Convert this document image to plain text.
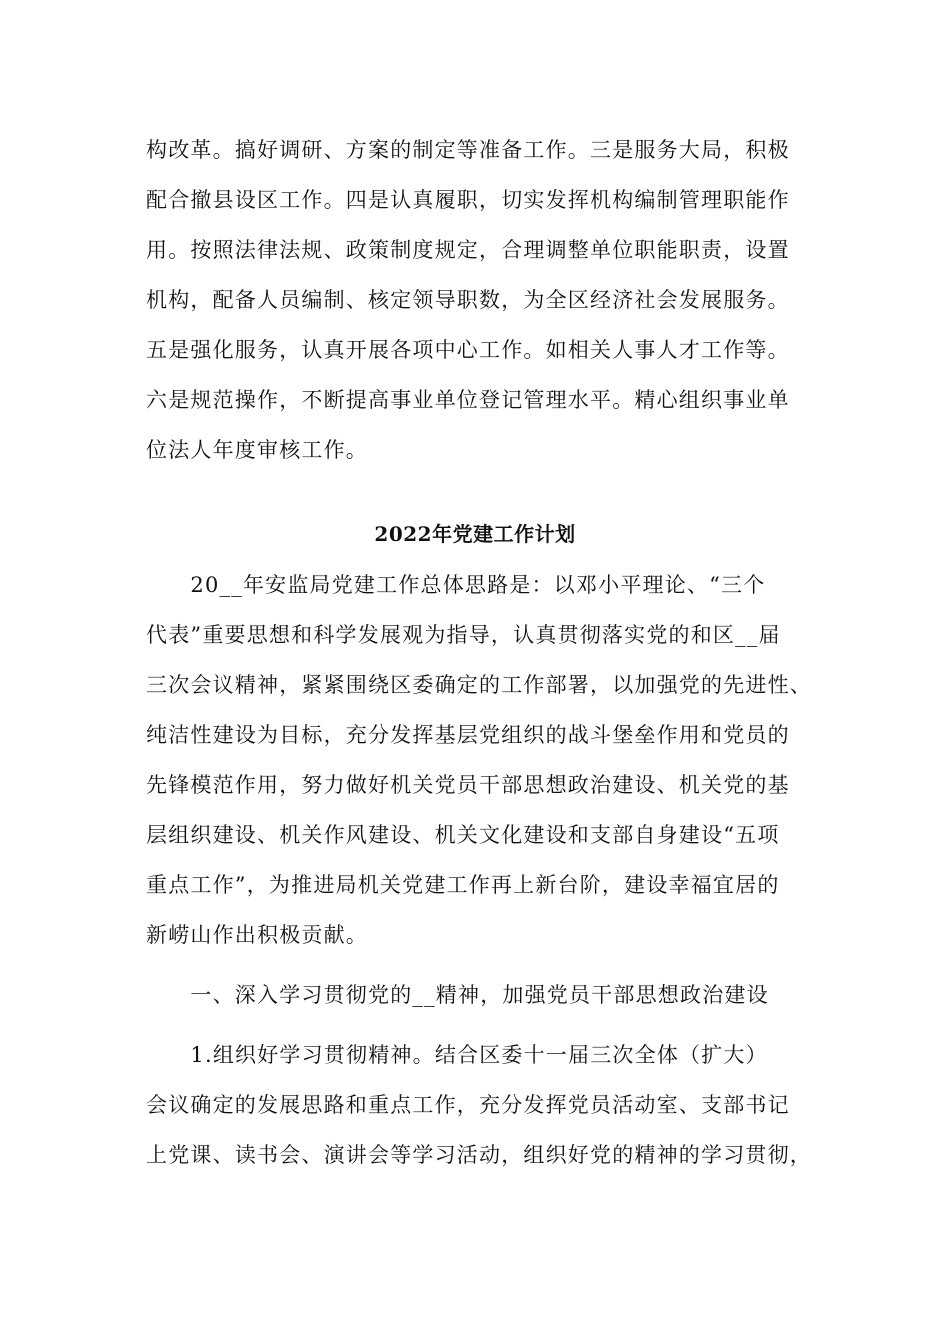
构改革。搞好调研、方案的制定等准备工作。三是服务大局，积极
配合撤县设区工作。四是认真履职，切实发挥机构编制管理职能作
用。按照法律法规、政策制度规定，合理调整单位职能职责，设置
机构，配备人员编制、核定领导职数，为全区经济社会发展服务。
五是强化服务，认真开展各项中心工作。如相关人事人才工作等。
六是规范操作，不断提高事业单位登记管理水平。精心组织事业单
位法人年度审核工作。
2022年党建工作计划
　　20__年安监局党建工作总体思路是：以邓小平理论、“三个
代表”重要思想和科学发展观为指导，认真贯彻落实党的和区__届
三次会议精神，紧紧围绕区委确定的工作部署，以加强党的先进性、
纯洁性建设为目标，充分发挥基层党组织的战斗堡垒作用和党员的
先锋模范作用，努力做好机关党员干部思想政治建设、机关党的基
层组织建设、机关作风建设、机关文化建设和支部自身建设“五项
重点工作”，为推进局机关党建工作再上新台阶，建设幸福宜居的
新崂山作出积极贡献。
　　一、深入学习贯彻党的__精神，加强党员干部思想政治建设
　　1.组织好学习贯彻精神。结合区委十一届三次全体（扩大）
会议确定的发展思路和重点工作，充分发挥党员活动室、支部书记
上党课、读书会、演讲会等学习活动，组织好党的精神的学习贯彻，
